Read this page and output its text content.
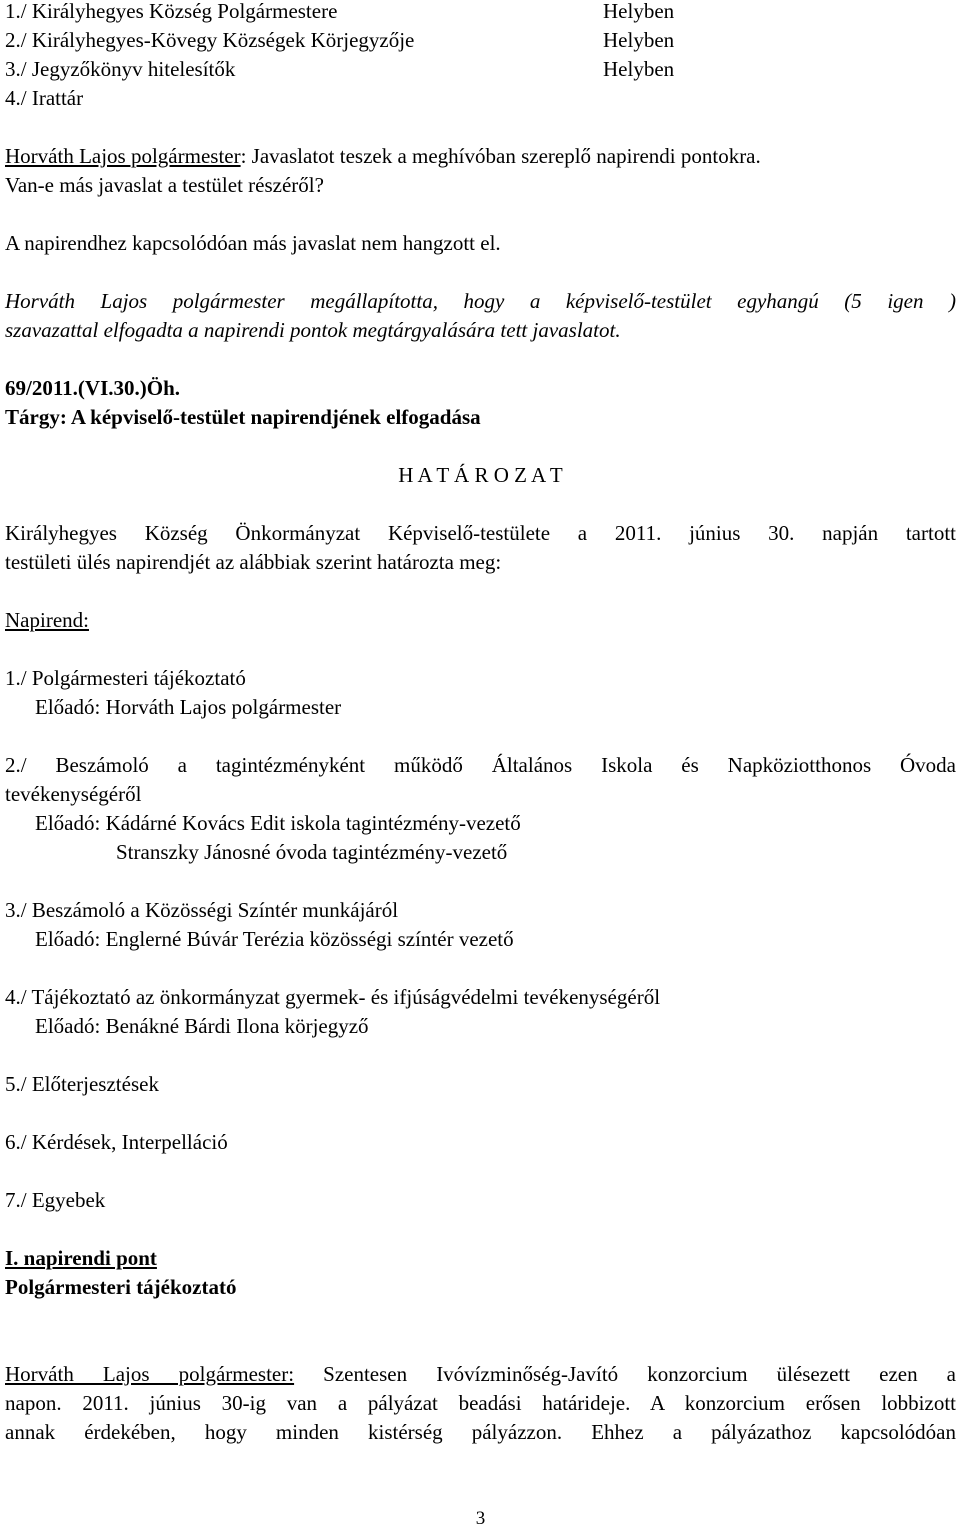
1./ Királyhegyes Község Polgármestere	Helyben
2./ Királyhegyes-Kövegy Községek Körjegyzője	Helyben
3./ Jegyzőkönyv hitelesítők	Helyben
4./ Irattár
Horváth Lajos polgármester: Javaslatot teszek a meghívóban szereplő napirendi pontokra.
Van-e más javaslat a testület részéről?
A napirendhez kapcsolódóan más javaslat nem hangzott el.
Horváth Lajos polgármester megállapította, hogy a képviselő-testület egyhangú (5 igen )
szavazattal elfogadta a napirendi pontok megtárgyalására tett javaslatot.
69/2011.(VI.30.)Öh.
Tárgy: A képviselő-testület napirendjének elfogadása
H A T Á R O Z A T
Királyhegyes Község Önkormányzat Képviselő-testülete a 2011. június 30. napján tartott
testületi ülés napirendjét az alábbiak szerint határozta meg:
Napirend:
1./ Polgármesteri tájékoztató
Előadó: Horváth Lajos polgármester
2./ Beszámoló a tagintézményként működő Általános Iskola és Napköziotthonos Óvoda
tevékenységéről
Előadó: Kádárné Kovács Edit iskola tagintézmény-vezető
Stranszky Jánosné óvoda tagintézmény-vezető
3./ Beszámoló a Közösségi Színtér munkájáról
Előadó: Englerné Búvár Terézia közösségi színtér vezető
4./ Tájékoztató az önkormányzat gyermek- és ifjúságvédelmi tevékenységéről
Előadó: Benákné Bárdi Ilona körjegyző
5./ Előterjesztések
6./ Kérdések, Interpelláció
7./ Egyebek
I. napirendi pont
Polgármesteri tájékoztató
Horváth Lajos polgármester: Szentesen Ivóvízminőség-Javító konzorcium ülésezett ezen a
napon. 2011. június 30-ig van a pályázat beadási határideje. A konzorcium erősen lobbizott
annak érdekében, hogy minden kistérség pályázzon. Ehhez a pályázathoz kapcsolódóan
3
